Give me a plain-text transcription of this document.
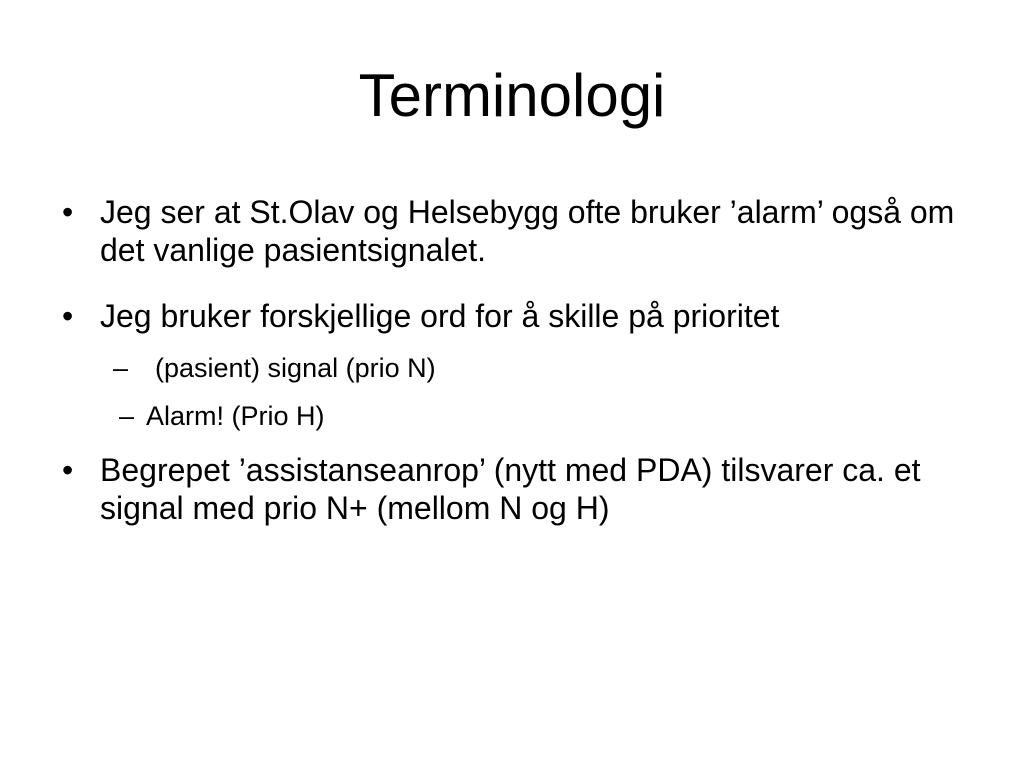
Terminologi
• Jeg ser at St.Olav og Helsebygg ofte bruker ’alarm’ også om det vanlige pasientsignalet.
• Jeg bruker forskjellige ord for å skille på prioritet
– (pasient) signal (prio N)
– Alarm! (Prio H)
• Begrepet ’assistanseanrop’ (nytt med PDA) tilsvarer ca. et signal med prio N+ (mellom N og H)
